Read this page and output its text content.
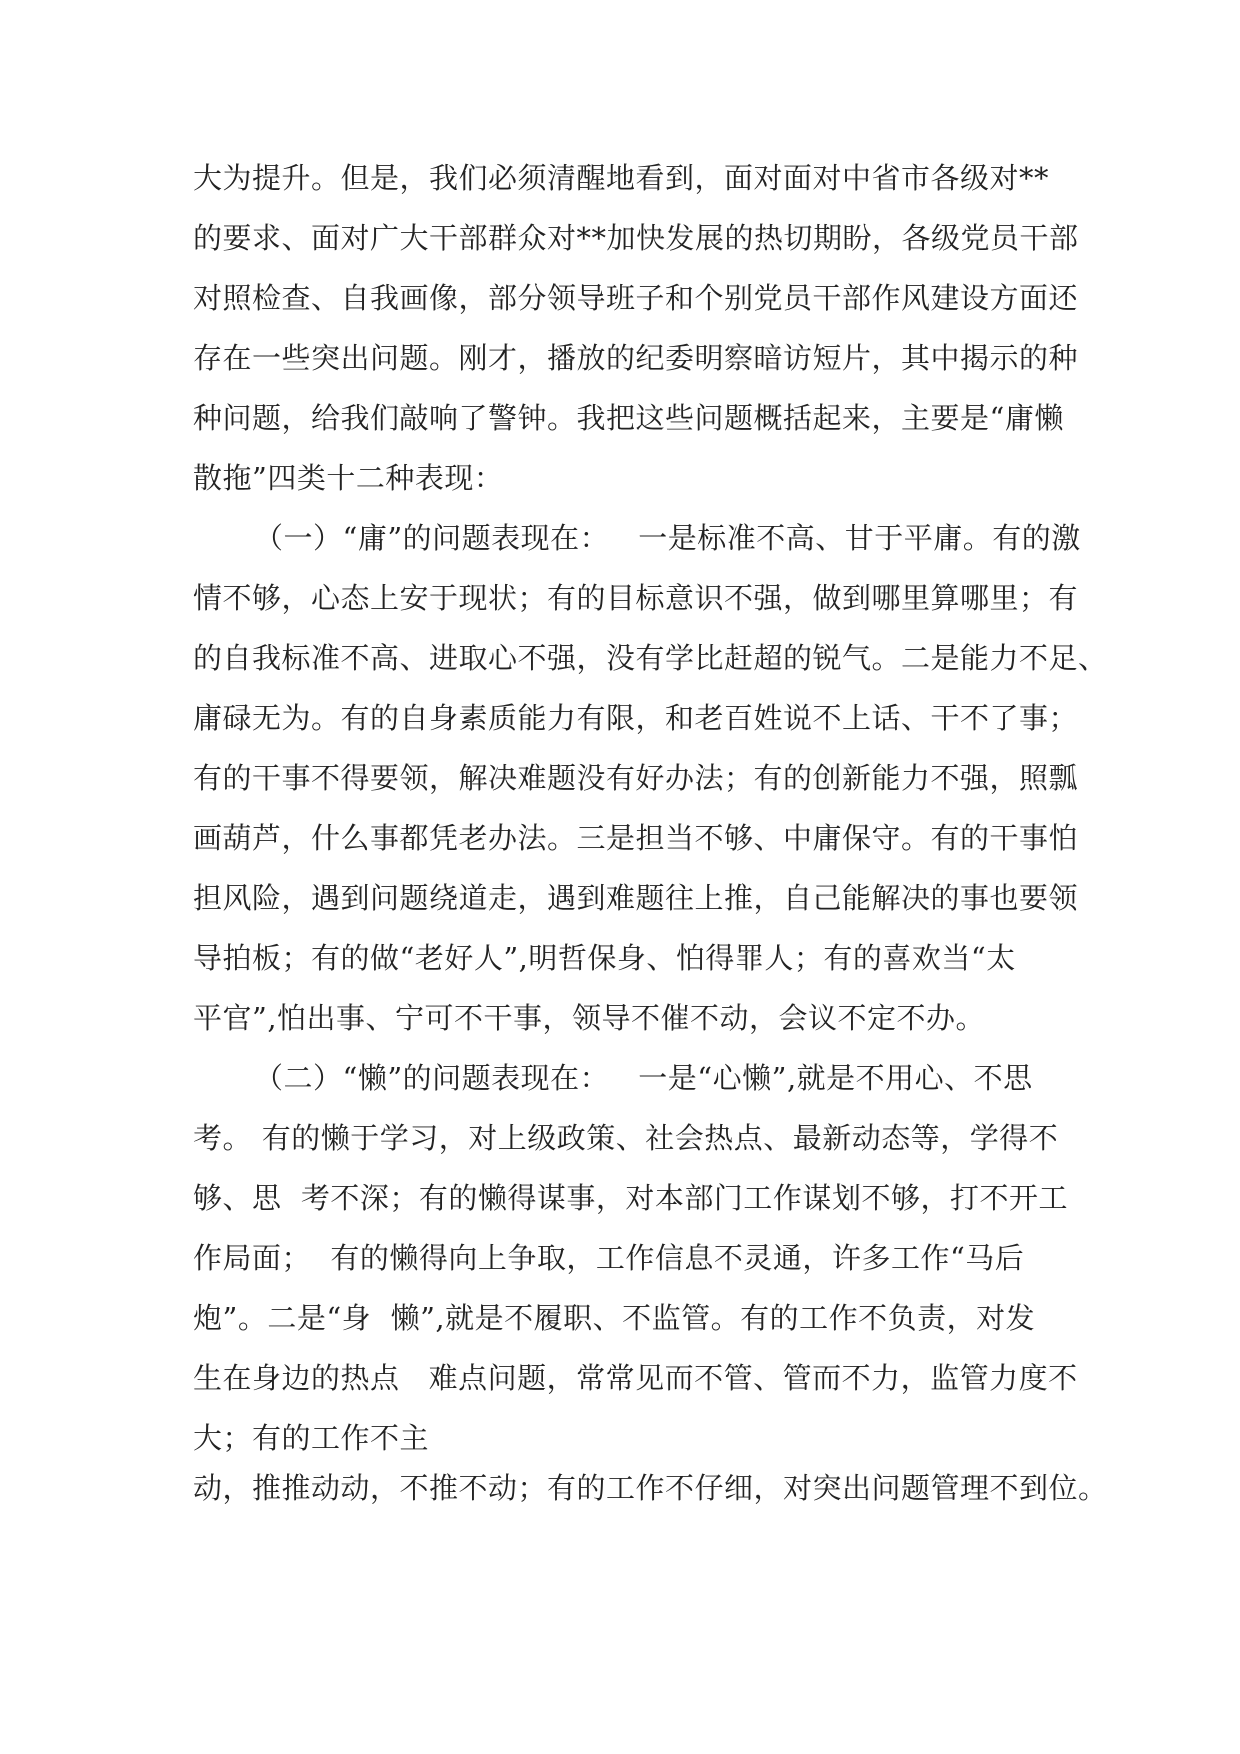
大为提升。但是，我们必须清醒地看到，面对面对中省市各级对**
的要求、面对广大干部群众对**加快发展的热切期盼，各级党员干部
对照检查、自我画像，部分领导班子和个别党员干部作风建设方面还
存在一些突出问题。刚才，播放的纪委明察暗访短片，其中揭示的种
种问题，给我们敲响了警钟。我把这些问题概括起来，主要是“庸懒
散拖”四类十二种表现：
（一）“庸”的问题表现在：   一是标准不高、甘于平庸。有的激
情不够，心态上安于现状；有的目标意识不强，做到哪里算哪里；有
的自我标准不高、进取心不强，没有学比赶超的锐气。二是能力不足、
庸碌无为。有的自身素质能力有限，和老百姓说不上话、干不了事；
有的干事不得要领，解决难题没有好办法；有的创新能力不强，照瓢
画葫芦，什么事都凭老办法。三是担当不够、中庸保守。有的干事怕
担风险，遇到问题绕道走，遇到难题往上推，自己能解决的事也要领
导拍板；有的做“老好人”,明哲保身、怕得罪人；有的喜欢当“太
平官”,怕出事、宁可不干事，领导不催不动，会议不定不办。
（二）“懒”的问题表现在：   一是“心懒”,就是不用心、不思
考。 有的懒于学习，对上级政策、社会热点、最新动态等，学得不
够、思  考不深；有的懒得谋事，对本部门工作谋划不够，打不开工
作局面；  有的懒得向上争取，工作信息不灵通，许多工作“马后
炮”。二是“身  懒”,就是不履职、不监管。有的工作不负责，对发
生在身边的热点   难点问题，常常见而不管、管而不力，监管力度不
大；有的工作不主
动，推推动动，不推不动；有的工作不仔细，对突出问题管理不到位。
